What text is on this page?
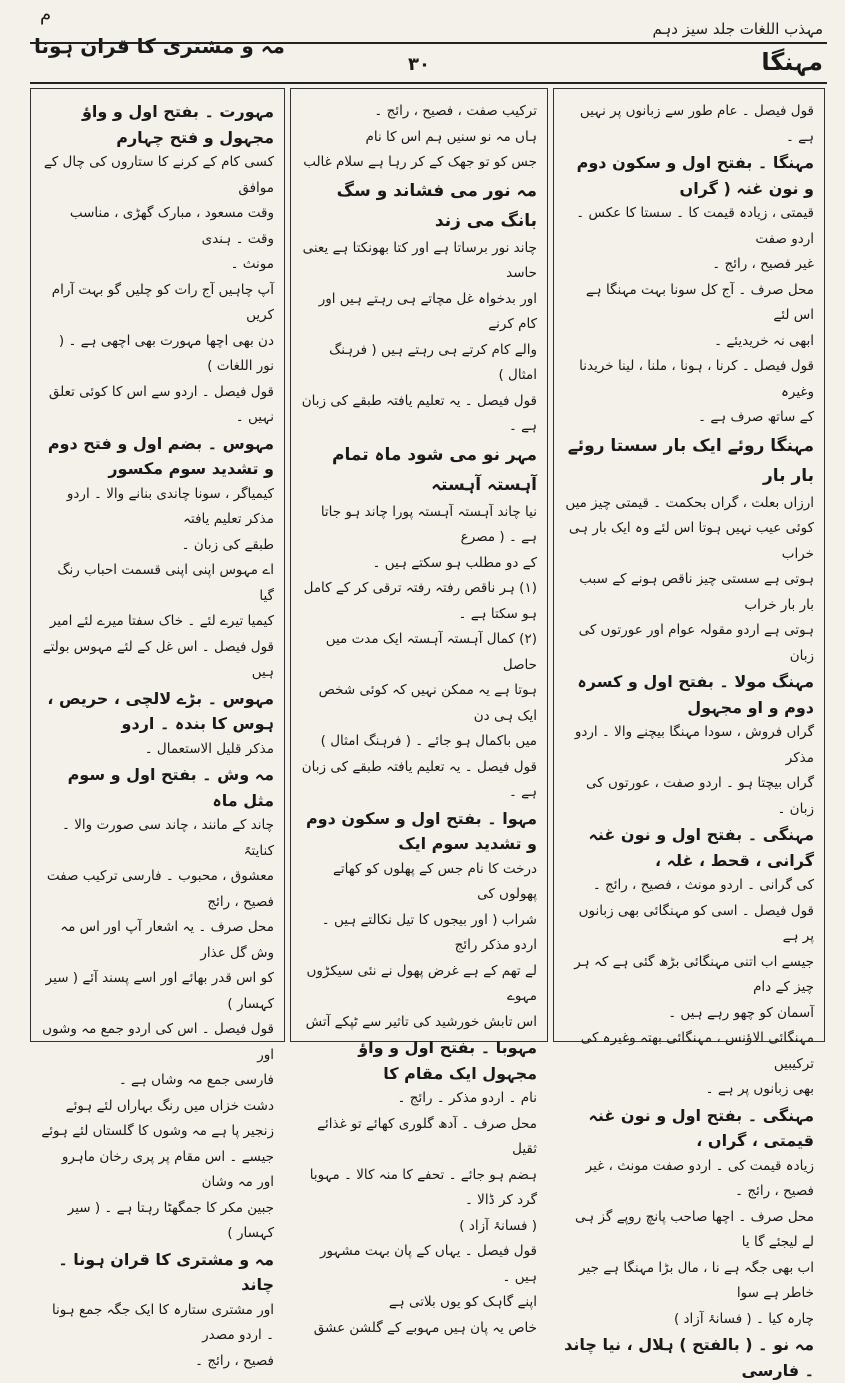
م
مہذب اللغات جلد سیز دہم
مہنگا
مہ و مشتری کا قران ہونا
۳۰

قول فیصل ۔ عام طور سے زبانوں پر نہیں ہے ۔

مہنگا ۔ بفتح اول و سکون دوم و نون غنہ ( گراں

قیمتی ، زیادہ قیمت کا ۔ سستا کا عکس ۔ اردو صفت

غیر فصیح ، رائج ۔

محل صرف ۔ آج کل سونا بہت مہنگا ہے اس لئے

ابھی نہ خریدیئے ۔

قول فیصل ۔ کرنا ، ہونا ، ملنا ، لینا خریدنا وغیرہ

کے ساتھ صرف ہے ۔

مہنگا روئے ایک بار سستا روئے بار بار

ارزاں بعلت ، گراں بحکمت ۔ قیمتی چیز میں

کوئی عیب نہیں ہوتا اس لئے وہ ایک بار ہی خراب

ہوتی ہے سستی چیز ناقص ہونے کے سبب بار بار خراب

ہوتی ہے اردو مقولہ عوام اور عورتوں کی زبان

مہنگ مولا ۔ بفتح اول و کسرہ دوم و او مجہول

گراں فروش ، سودا مہنگا بیچنے والا ۔ اردو مذکر

گراں بیچتا ہو ۔ اردو صفت ، عورتوں کی زبان ۔

مہنگی ۔ بفتح اول و نون غنہ گرانی ، قحط ، غلہ ،

کی گرانی ۔ اردو مونث ، فصیح ، رائج ۔

قول فیصل ۔ اسی کو مہنگائی بھی زبانوں پر ہے

جیسے اب اتنی مہنگائی بڑھ گئی ہے کہ ہر چیز کے دام

آسمان کو چھو رہے ہیں ۔

مہنگائی الاؤنس ، مہنگائی بھتہ وغیرہ کی ترکیبیں

بھی زبانوں پر ہے ۔

مہنگی ۔ بفتح اول و نون غنہ قیمتی ، گراں ،

زیادہ قیمت کی ۔ اردو صفت مونث ، غیر فصیح ، رائج ۔

محل صرف ۔ اچھا صاحب پانچ روپے گز ہی لے لیجئے گا یا

اب بھی جگہ ہے نا ، مال بڑا مہنگا ہے جیر خاطر ہے سوا

چارہ کیا ۔ ( فسانۂ آزاد )

مہ نو ۔ ( بالفتح ) ہلال ، نیا چاند ۔ فارسی

ترکیب صفت ، فصیح ، رائج ۔

ہاں مہ نو سنیں ہم اس کا نام

جس کو تو جھک کے کر رہا ہے سلام غالب

مہ نور می فشاند و سگ بانگ می زند

چاند نور برساتا ہے اور کتا بھونکتا ہے یعنی حاسد

اور بدخواہ غل مچاتے ہی رہتے ہیں اور کام کرنے

والے کام کرتے ہی رہتے ہیں ( فرہنگ امثال )

قول فیصل ۔ یہ تعلیم یافتہ طبقے کی زبان ہے ۔

مہر نو می شود ماہ تمام آہستہ آہستہ

نیا چاند آہستہ آہستہ پورا چاند ہو جاتا ہے ۔ ( مصرع

کے دو مطلب ہو سکتے ہیں ۔

(۱) ہر ناقص رفتہ رفتہ ترقی کر کے کامل ہو سکتا ہے ۔

(۲) کمال آہستہ آہستہ ایک مدت میں حاصل

ہوتا ہے یہ ممکن نہیں کہ کوئی شخص ایک ہی دن

میں باکمال ہو جائے ۔ ( فرہنگ امثال )

قول فیصل ۔ یہ تعلیم یافتہ طبقے کی زبان ہے ۔

مہوا ۔ بفتح اول و سکون دوم و تشدید سوم ایک

درخت کا نام جس کے پھلوں کو کھاتے پھولوں کی

شراب ( اور بیجوں کا تیل نکالتے ہیں ۔ اردو مذکر رائج

لے تھم کے ہے غرض پھول نے نئی سیکڑوں مہوے

اس تابش خورشید کی تاثیر سے ٹپکے آتش

مہوبا ۔ بفتح اول و واؤ مجہول ایک مقام کا

نام ۔ اردو مذکر ۔ رائج ۔

محل صرف ۔ آدھ گلوری کھائے تو غذائے ثقیل

ہضم ہو جائے ۔ تحفے کا منہ کالا ۔ مہوبا گرد کر ڈالا ۔

( فسانۂ آزاد )

قول فیصل ۔ یہاں کے پان بہت مشہور ہیں ۔

اپنے گاہک کو یوں بلاتی ہے

خاص یہ پان ہیں مہوبے کے گلشن عشق

مہورت ۔ بفتح اول و واؤ مجہول و فتح چہارم

کسی کام کے کرنے کا ستاروں کی چال کے موافق

وقت مسعود ، مبارک گھڑی ، مناسب وقت ۔ ہندی

مونث ۔

آپ چاہیں آج رات کو چلیں گو بہت آرام کریں

دن بھی اچھا مہورت بھی اچھی ہے ۔ ( نور اللغات )

قول فیصل ۔ اردو سے اس کا کوئی تعلق نہیں ۔

مہوس ۔ بضم اول و فتح دوم و تشدید سوم مکسور

کیمیاگر ، سونا چاندی بنانے والا ۔ اردو مذکر تعلیم یافتہ

طبقے کی زبان ۔

اے مہوس اپنی اپنی قسمت احباب رنگ گیا

کیمیا تیرے لئے ۔ خاک سفتا میرے لئے امیر

قول فیصل ۔ اس غل کے لئے مہوس بولتے ہیں

مہوس ۔ بڑے لالچی ، حریص ، ہوس کا بندہ ۔ اردو

مذکر قلیل الاستعمال ۔

مہ وش ۔ بفتح اول و سوم مثل ماہ

چاند کے مانند ، چاند سی صورت والا ۔ کنایتہً

معشوق ، محبوب ۔ فارسی ترکیب صفت فصیح ، رائج

محل صرف ۔ یہ اشعار آپ اور اس مہ وش گل عذار

کو اس قدر بھائے اور اسے پسند آئے ( سیر کہسار )

قول فیصل ۔ اس کی اردو جمع مہ وشوں اور

فارسی جمع مہ وشاں ہے ۔

دشت خزاں میں رنگ بہاراں لئے ہوئے

زنجیر پا ہے مہ وشوں کا گلستاں لئے ہوئے

جیسے ۔ اس مقام پر پری رخان ماہرو اور مہ وشان

جبین مکر کا جمگھٹا رہتا ہے ۔ ( سیر کہسار )

مہ و مشتری کا قران ہونا ۔ چاند

اور مشتری ستارہ کا ایک جگہ جمع ہونا ۔ اردو مصدر

فصیح ، رائج ۔
